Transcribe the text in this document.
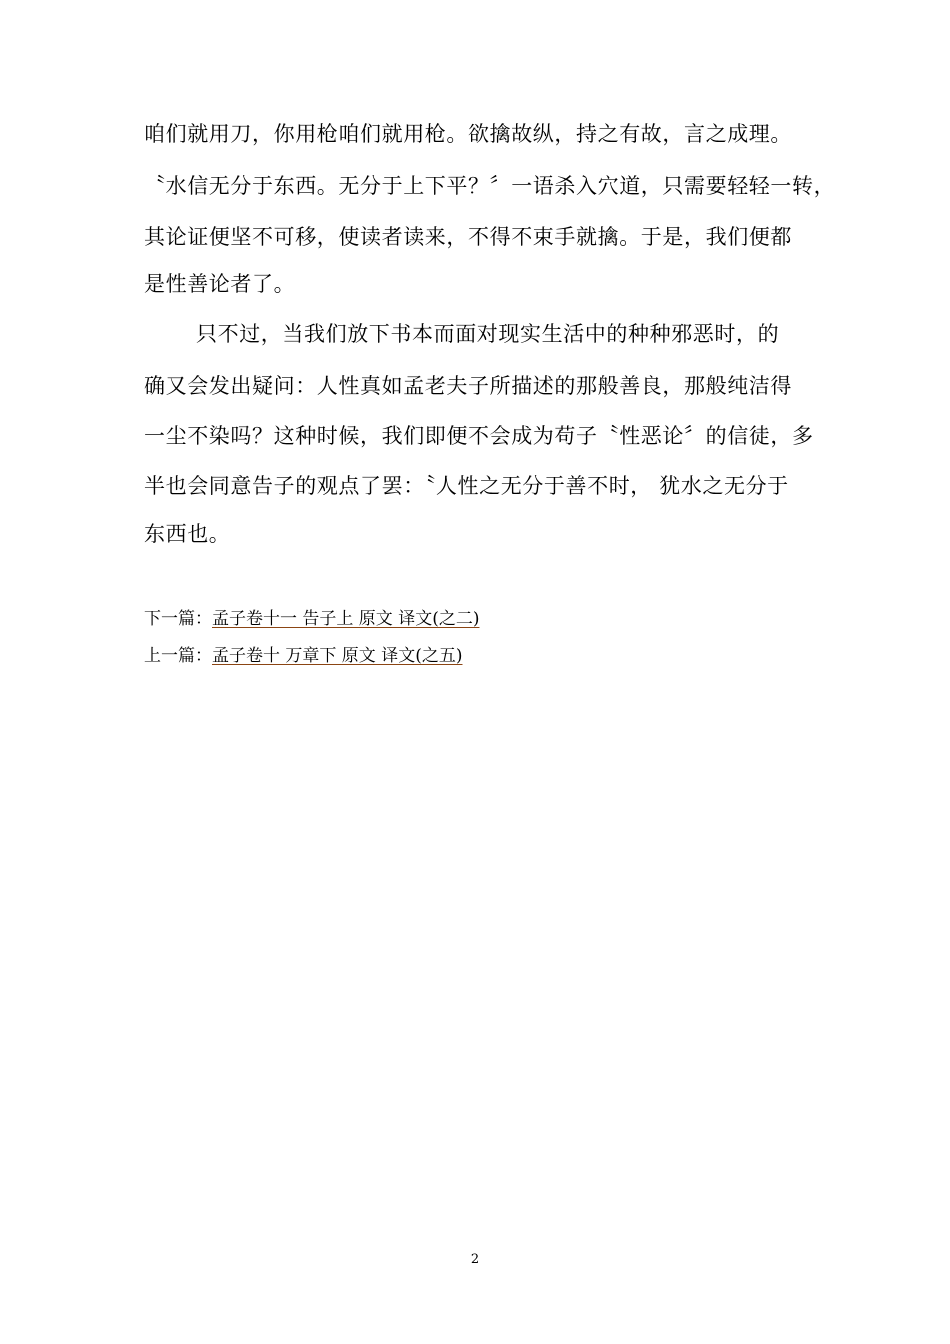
咱们就用刀，你用枪咱们就用枪。欲擒故纵，持之有故，言之成理。
〝水信无分于东西。无分于上下平？〞一语杀入穴道，只需要轻轻一转，
其论证便坚不可移，使读者读来，不得不束手就擒。于是，我们便都
是性善论者了。
只不过，当我们放下书本而面对现实生活中的种种邪恶时，的
确又会发出疑问：人性真如孟老夫子所描述的那般善良，那般纯洁得
一尘不染吗？这种时候，我们即便不会成为苟子〝性恶论〞的信徒，多
半也会同意告子的观点了罢：〝人性之无分于善不时， 犹水之无分于
东西也。
下一篇：孟子卷十一 告子上 原文 译文(之二)
上一篇：孟子卷十 万章下 原文 译文(之五)
2
